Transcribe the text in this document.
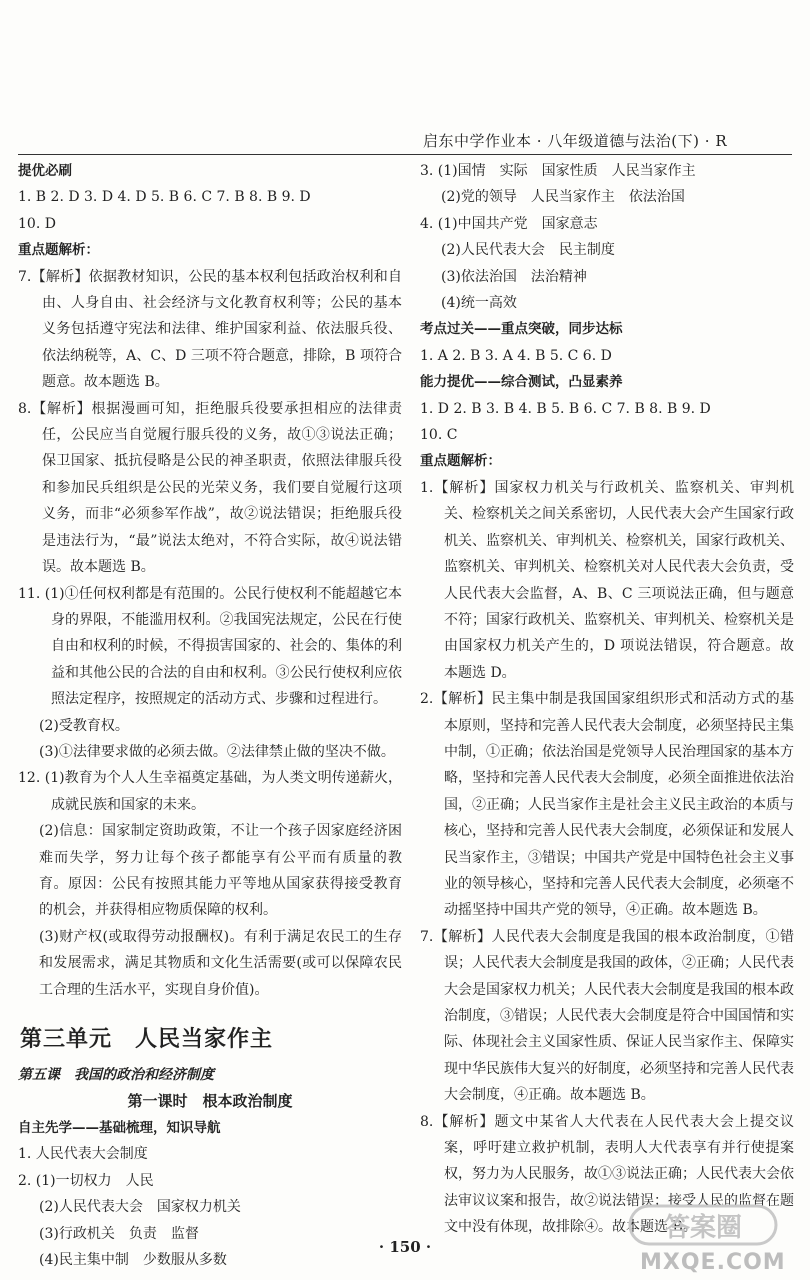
启东中学作业本 · 八年级道德与法治(下) · R
提优必刷
1. B 2. D 3. D 4. D 5. B 6. C 7. B 8. B 9. D
10. D
重点题解析：
7.【解析】依据教材知识，公民的基本权利包括政治权利和自由、人身自由、社会经济与文化教育权利等；公民的基本义务包括遵守宪法和法律、维护国家利益、依法服兵役、依法纳税等，A、C、D 三项不符合题意，排除，B 项符合题意。故本题选 B。
8.【解析】根据漫画可知，拒绝服兵役要承担相应的法律责任，公民应当自觉履行服兵役的义务，故①③说法正确；保卫国家、抵抗侵略是公民的神圣职责，依照法律服兵役和参加民兵组织是公民的光荣义务，我们要自觉履行这项义务，而非“必须参军作战”，故②说法错误；拒绝服兵役是违法行为，“最”说法太绝对，不符合实际，故④说法错误。故本题选 B。
11. (1)①任何权利都是有范围的。公民行使权利不能超越它本身的界限，不能滥用权利。②我国宪法规定，公民在行使自由和权利的时候，不得损害国家的、社会的、集体的利益和其他公民的合法的自由和权利。③公民行使权利应依照法定程序，按照规定的活动方式、步骤和过程进行。
(2)受教育权。
(3)①法律要求做的必须去做。②法律禁止做的坚决不做。
12. (1)教育为个人人生幸福奠定基础，为人类文明传递薪火，成就民族和国家的未来。
(2)信息：国家制定资助政策，不让一个孩子因家庭经济困难而失学，努力让每个孩子都能享有公平而有质量的教育。原因：公民有按照其能力平等地从国家获得接受教育的机会，并获得相应物质保障的权利。
(3)财产权(或取得劳动报酬权)。有利于满足农民工的生存和发展需求，满足其物质和文化生活需要(或可以保障农民工合理的生活水平，实现自身价值)。
第三单元　人民当家作主
第五课　我国的政治和经济制度
第一课时　根本政治制度
自主先学——基础梳理，知识导航
1. 人民代表大会制度
2. (1)一切权力　人民
(2)人民代表大会　国家权力机关
(3)行政机关　负责　监督
(4)民主集中制　少数服从多数
3. (1)国情　实际　国家性质　人民当家作主
(2)党的领导　人民当家作主　依法治国
4. (1)中国共产党　国家意志
(2)人民代表大会　民主制度
(3)依法治国　法治精神
(4)统一高效
考点过关——重点突破，同步达标
1. A 2. B 3. A 4. B 5. C 6. D
能力提优——综合测试，凸显素养
1. D 2. B 3. B 4. B 5. B 6. C 7. B 8. B 9. D
10. C
重点题解析：
1.【解析】国家权力机关与行政机关、监察机关、审判机关、检察机关之间关系密切，人民代表大会产生国家行政机关、监察机关、审判机关、检察机关，国家行政机关、监察机关、审判机关、检察机关对人民代表大会负责，受人民代表大会监督，A、B、C 三项说法正确，但与题意不符；国家行政机关、监察机关、审判机关、检察机关是由国家权力机关产生的，D 项说法错误，符合题意。故本题选 D。
2.【解析】民主集中制是我国国家组织形式和活动方式的基本原则，坚持和完善人民代表大会制度，必须坚持民主集中制，①正确；依法治国是党领导人民治理国家的基本方略，坚持和完善人民代表大会制度，必须全面推进依法治国，②正确；人民当家作主是社会主义民主政治的本质与核心，坚持和完善人民代表大会制度，必须保证和发展人民当家作主，③错误；中国共产党是中国特色社会主义事业的领导核心，坚持和完善人民代表大会制度，必须毫不动摇坚持中国共产党的领导，④正确。故本题选 B。
7.【解析】人民代表大会制度是我国的根本政治制度，①错误；人民代表大会制度是我国的政体，②正确；人民代表大会是国家权力机关；人民代表大会制度是我国的根本政治制度，③错误；人民代表大会制度是符合中国国情和实际、体现社会主义国家性质、保证人民当家作主、保障实现中华民族伟大复兴的好制度，必须坚持和完善人民代表大会制度，④正确。故本题选 B。
8.【解析】题文中某省人大代表在人民代表大会上提交议案，呼吁建立救护机制，表明人大代表享有并行使提案权，努力为人民服务，故①③说法正确；人民代表大会依法审议议案和报告，故②说法错误；接受人民的监督在题文中没有体现，故排除④。故本题选 B。
· 150 ·
答案圈
MXQE.COM
